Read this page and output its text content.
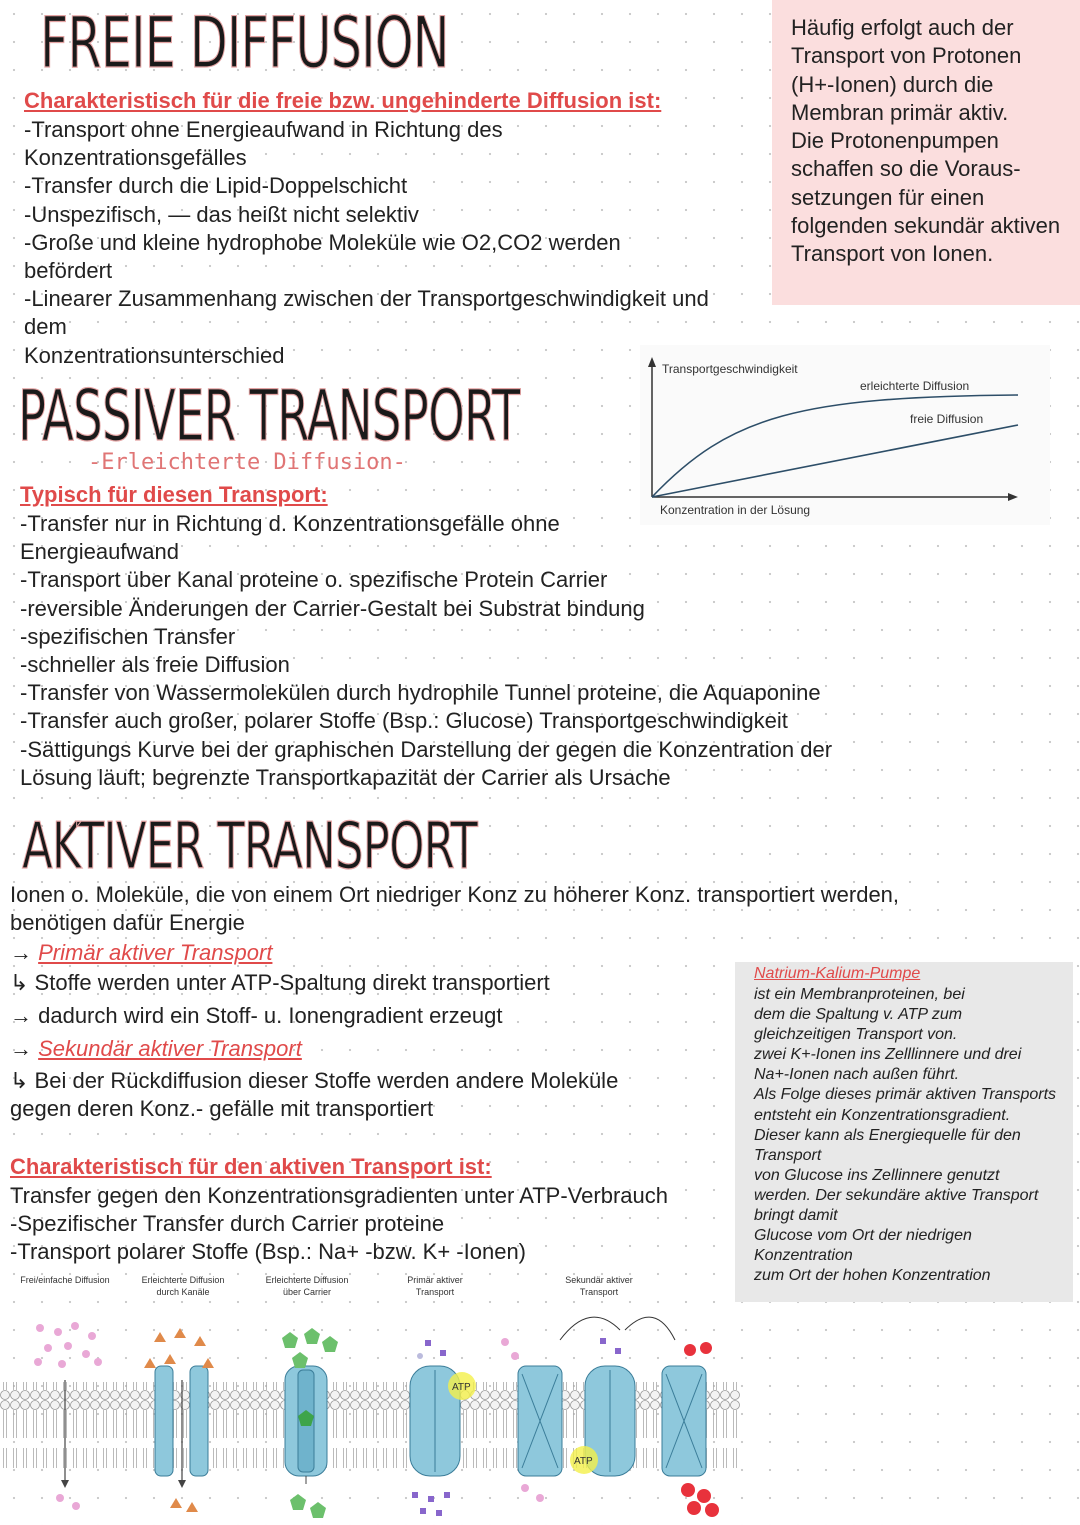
FREIE DIFFUSION
Charakteristisch für die freie bzw. ungehinderte Diffusion ist:
-Transport ohne Energieaufwand in Richtung des
Konzentrationsgefälles
-Transfer durch die Lipid-Doppelschicht
-Unspezifisch, — das heißt nicht selektiv
-Große und kleine hydrophobe Moleküle wie O2,CO2 werden
befördert
-Linearer Zusammenhang zwischen der Transportgeschwindigkeit und
dem
Konzentrationsunterschied
Häufig erfolgt auch der
Transport von Protonen
(H+-Ionen) durch die
Membran primär aktiv.
Die Protonenpumpen
schaffen so die Voraus-
setzungen für einen
folgenden sekundär aktiven
Transport von Ionen.
Transportgeschwindigkeit
Konzentration in der Lösung
erleichterte Diffusion
freie Diffusion
PASSIVER TRANSPORT
-Erleichterte Diffusion-
Typisch für diesen Transport:
-Transfer nur in Richtung d. Konzentrationsgefälle ohne
Energieaufwand
-Transport über Kanal proteine o. spezifische Protein Carrier
-reversible Änderungen der Carrier-Gestalt bei Substrat bindung
-spezifischen Transfer
-schneller als freie Diffusion
-Transfer von Wassermolekülen durch hydrophile Tunnel proteine, die Aquaponine
-Transfer auch großer, polarer Stoffe (Bsp.: Glucose) Transportgeschwindigkeit
-Sättigungs Kurve bei der graphischen Darstellung der gegen die Konzentration der
Lösung läuft; begrenzte Transportkapazität der Carrier als Ursache
AKTIVER TRANSPORT
Ionen o. Moleküle, die von einem Ort niedriger Konz zu höherer Konz. transportiert werden,
benötigen dafür Energie
→ Primär aktiver Transport
↳ Stoffe werden unter ATP-Spaltung direkt transportiert
→ dadurch wird ein Stoff- u. Ionengradient erzeugt
→ Sekundär aktiver Transport
↳ Bei der Rückdiffusion dieser Stoffe werden andere Moleküle
gegen deren Konz.- gefälle mit transportiert
Charakteristisch für den aktiven Transport ist:
Transfer gegen den Konzentrationsgradienten unter ATP-Verbrauch
-Spezifischer Transfer durch Carrier proteine
-Transport polarer Stoffe (Bsp.: Na+ -bzw. K+ -Ionen)
Natrium-Kalium-Pumpe
ist ein Membranproteinen, bei
dem die Spaltung v. ATP zum
gleichzeitigen Transport von.
zwei K+-Ionen ins Zelllinnere und drei
Na+-Ionen nach außen führt.
Als Folge dieses primär aktiven Transports
entsteht ein Konzentrationsgradient.
Dieser kann als Energiequelle für den
Transport
von Glucose ins Zellinnere genutzt
werden. Der sekundäre aktive Transport
bringt damit
Glucose vom Ort der niedrigen
Konzentration
zum Ort der hohen Konzentration
Frei/einfache Diffusion	Erleichterte Diffusion
durch Kanäle
Erleichterte Diffusion
über Carrier
Primär aktiver
Transport
Sekundär aktiver
Transport
ATP
ATP
